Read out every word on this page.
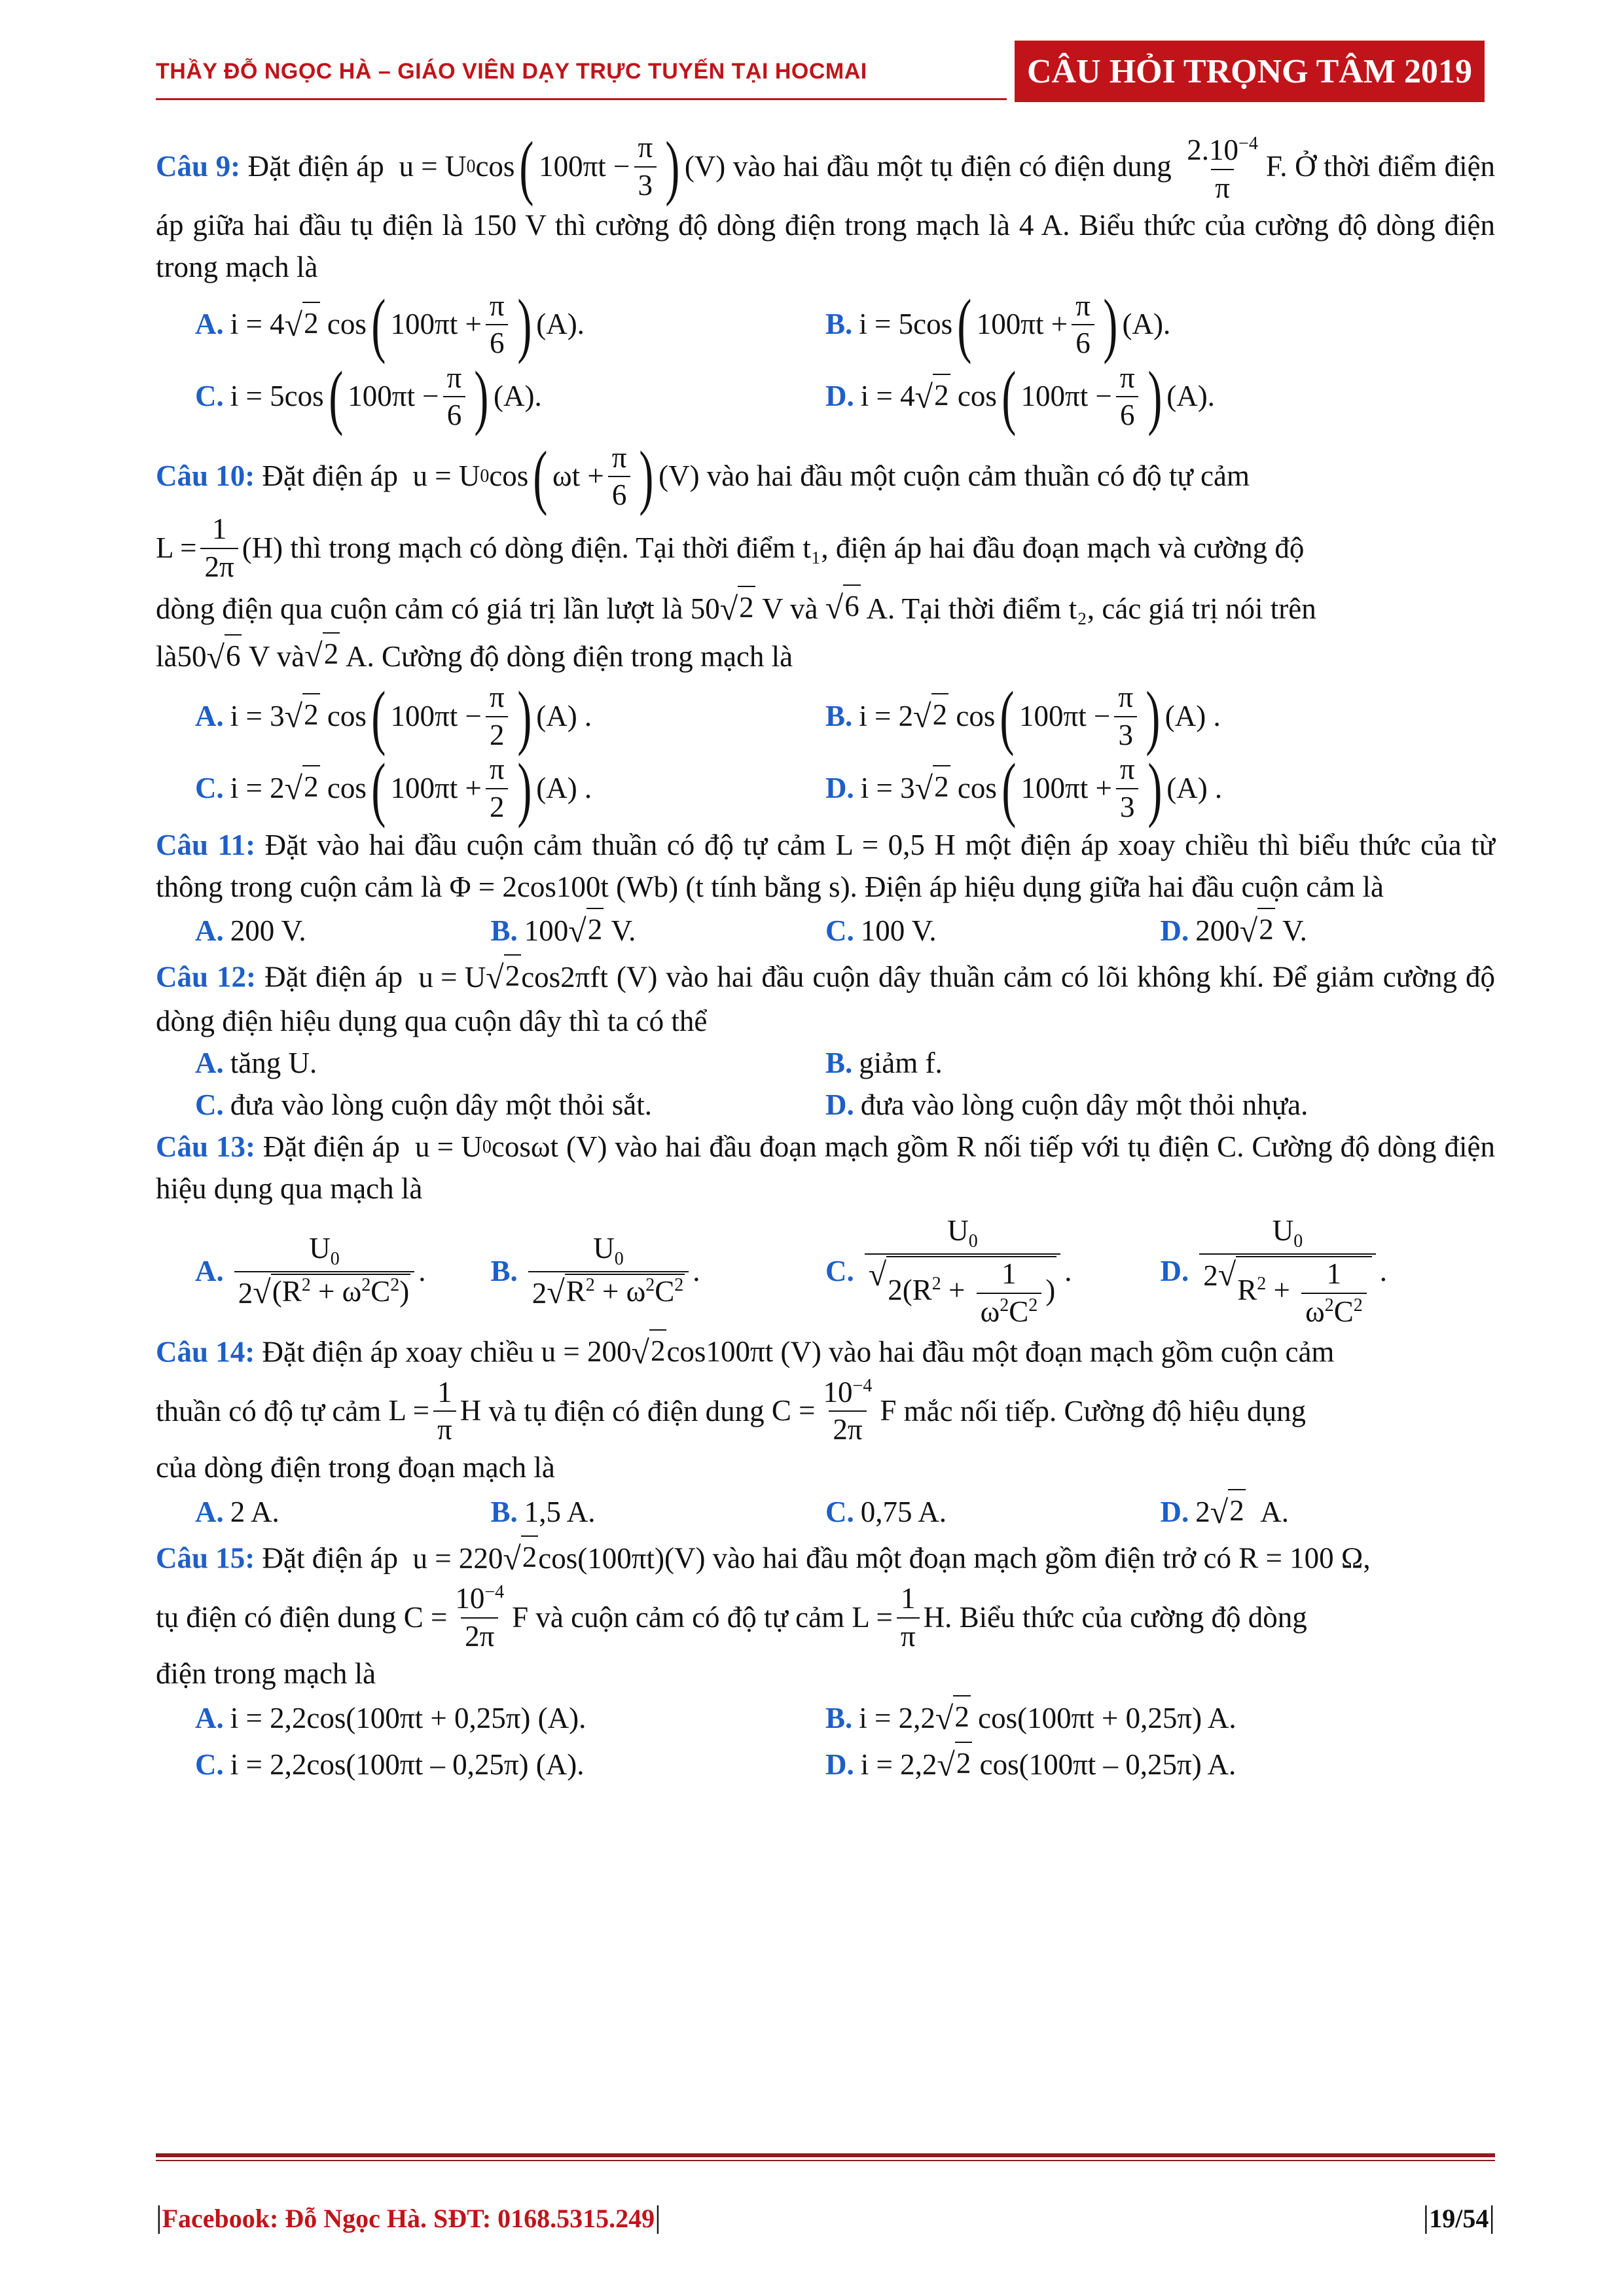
THẦY ĐỖ NGỌC HÀ – GIÁO VIÊN DẠY TRỰC TUYẾN TẠI HOCMAI	CÂU HỎI TRỌNG TÂM 2019

Câu 9: Đặt điện áp  u = U 0 cos ( $100\pi t - \frac{\pi}{3}$ ) (V) vào hai đầu một tụ điện có điện dung $\frac{2.10^{-4}}{\pi} F$. Ở thời điểm điện áp giữa hai đầu tụ điện là 150 V thì cường độ dòng điện trong mạch là 4 A. Biểu thức của cường độ dòng điện trong mạch là

A. i = 4 √ 2 cos ( $100\pi t + \frac{\pi}{6}$ ) (A).	B. i = 5cos ( $100\pi t + \frac{\pi}{6}$ ) (A).
C. i = 5cos ( $100\pi t - \frac{\pi}{6}$ ) (A).	D. i = 4 √ 2 cos ( $100\pi t - \frac{\pi}{6}$ ) (A).

Câu 10: Đặt điện áp  u = U 0 cos ( $\omega t + \frac{\pi}{6}$ ) (V) vào hai đầu một cuộn cảm thuần có độ tự cảm
$L = \frac{1}{2\pi} (H)$ thì trong mạch có dòng điện. Tại thời điểm t₁, điện áp hai đầu đoạn mạch và cường độ
dòng điện qua cuộn cảm có giá trị lần lượt là 50 √ 2 V và √ 6 A. Tại thời điểm t₂, các giá trị nói trên
là50 √ 6 V và √ 2 A. Cường độ dòng điện trong mạch là

A. i = 3 √ 2 cos ( $100\pi t - \frac{\pi}{2}$ ) (A) .	B. i = 2 √ 2 cos ( $100\pi t - \frac{\pi}{3}$ ) (A) .
C. i = 2 √ 2 cos ( $100\pi t + \frac{\pi}{2}$ ) (A) .	D. i = 3 √ 2 cos ( $100\pi t + \frac{\pi}{3}$ ) (A) .

Câu 11: Đặt vào hai đầu cuộn cảm thuần có độ tự cảm L = 0,5 H một điện áp xoay chiều thì biểu thức của từ thông trong cuộn cảm là Φ = 2cos100t (Wb) (t tính bằng s). Điện áp hiệu dụng giữa hai đầu cuộn cảm là

A. 200 V.	B. 100 √ 2
V.	C. 100 V.	D. 200 √ 2
V.

Câu 12: Đặt điện áp  u = U √ 2 cos2πft (V) vào hai đầu cuộn dây thuần cảm có lõi không khí. Để giảm cường độ dòng điện hiệu dụng qua cuộn dây thì ta có thể

A. tăng U.	B. giảm f.
C. đưa vào lòng cuộn dây một thỏi sắt.	D. đưa vào lòng cuộn dây một thỏi nhựa.

Câu 13: Đặt điện áp  u = U 0 cosωt (V) vào hai đầu đoạn mạch gồm R nối tiếp với tụ điện C. Cường độ dòng điện hiệu dụng qua mạch là

A. $\frac{U_0}{2 √ (R^2 + \omega^2C^2)}$ . B. $\frac{U_0}{2 √ R^2 + \omega^2C^2}$ .	C. $\frac{U_0}{√ 2(R^2 + \frac{1}{\omega^2C^2} )}$ .	D. $\frac{U_0}{2 √ R^2 + \frac{1}{\omega^2C^2}}$ .

Câu 14: Đặt điện áp xoay chiều u = 200 √ 2 cos100πt (V) vào hai đầu một đoạn mạch gồm cuộn cảm
thuần có độ tự cảm $L = \frac{1}{\pi}$ H và tụ điện có điện dung $C = \frac{10^{-4}}{2\pi}$ F mắc nối tiếp. Cường độ hiệu dụng
của dòng điện trong đoạn mạch là

A. 2 A.	B. 1,5 A.	C. 0,75 A.	D. 2 √ 2
A.

Câu 15: Đặt điện áp  u = 220 √ 2 cos(100πt)(V) vào hai đầu một đoạn mạch gồm điện trở có R = 100 Ω,
tụ điện có điện dung $C = \frac{10^{-4}}{2\pi}$ F và cuộn cảm có độ tự cảm $L = \frac{1}{\pi} H$. Biểu thức của cường độ dòng
điện trong mạch là

A. i = 2,2cos(100πt + 0,25π) (A).	B. i = 2,2 √ 2
cos(100πt + 0,25π) A.
C. i = 2,2cos(100πt – 0,25π) (A).	D. i = 2,2 √ 2
cos(100πt – 0,25π) A.
|Facebook: Đỗ Ngọc Hà. SĐT: 0168.5315.249|	|19/54|
